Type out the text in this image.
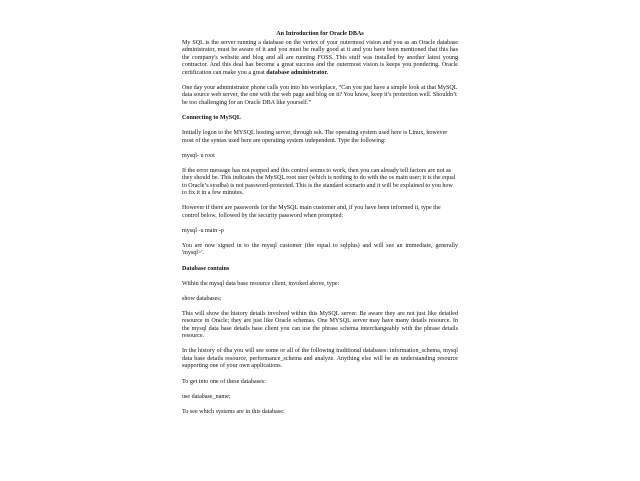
An Introduction for Oracle DBAs
My SQL is the server running a database on the vertex of your outermost vision and you as an Oracle database administrator, must be aware of it and you must be really good at it and you have been mentioned that this has the company's website and blog and all are running FOSS. This stuff was installed by another latest young contractor. And this deal has become a great success and the outermost vision is keeps you pondering. Oracle certification can make you a great database administrator.
One day your administrator phone calls you into his workplace, “Can you just have a simple look at that MySQL data source web server, the one with the web page and blog on it? You know, keep it’s protection well. Shouldn’t be too challenging for an Oracle DBA like yourself.”
Connecting to MySQL
Initially logon to the MYSQL hosting server, through ssh. The operating system used here is Linux, however most of the syntax used here are operating system independent. Type the following:
mysql- u root
If the error message has not popped and this control seems to work, then you can already tell factors are not as they should be. This indicates the MySQL root user (which is nothing to do with the os main user; it is the equal to Oracle’s sysdba) is not password-protected. This is the standard scenario and it will be explained to you how to fix it in a few minutes.
However if there are passwords for the MySQL main customer and, if you have been informed it, type the control below, followed by the security password when prompted:
mysql -u main -p
You are now signed in to the mysql customer (the equal to sqlplus) and will see an immediate, generally 'mysql>'.
Database contains
Within the mysql data base resource client, invoked above, type:
show databases;
This will show the history details involved within this MySQL server. Be aware they are not just like detailed resource in Oracle; they are just like Oracle schemas. One MYSQL server may have many details resource. In the mysql data base details base client you can use the phrase schema interchangeably with the phrase details resource.
In the history of dba you will see some or all of the following traditional databases: information_schema, mysql data base details resource, performance_schema and analyze. Anything else will be an understanding resource supporting one of your own applications.
To get into one of these databases:
use database_name;
To see which systems are in this database:
